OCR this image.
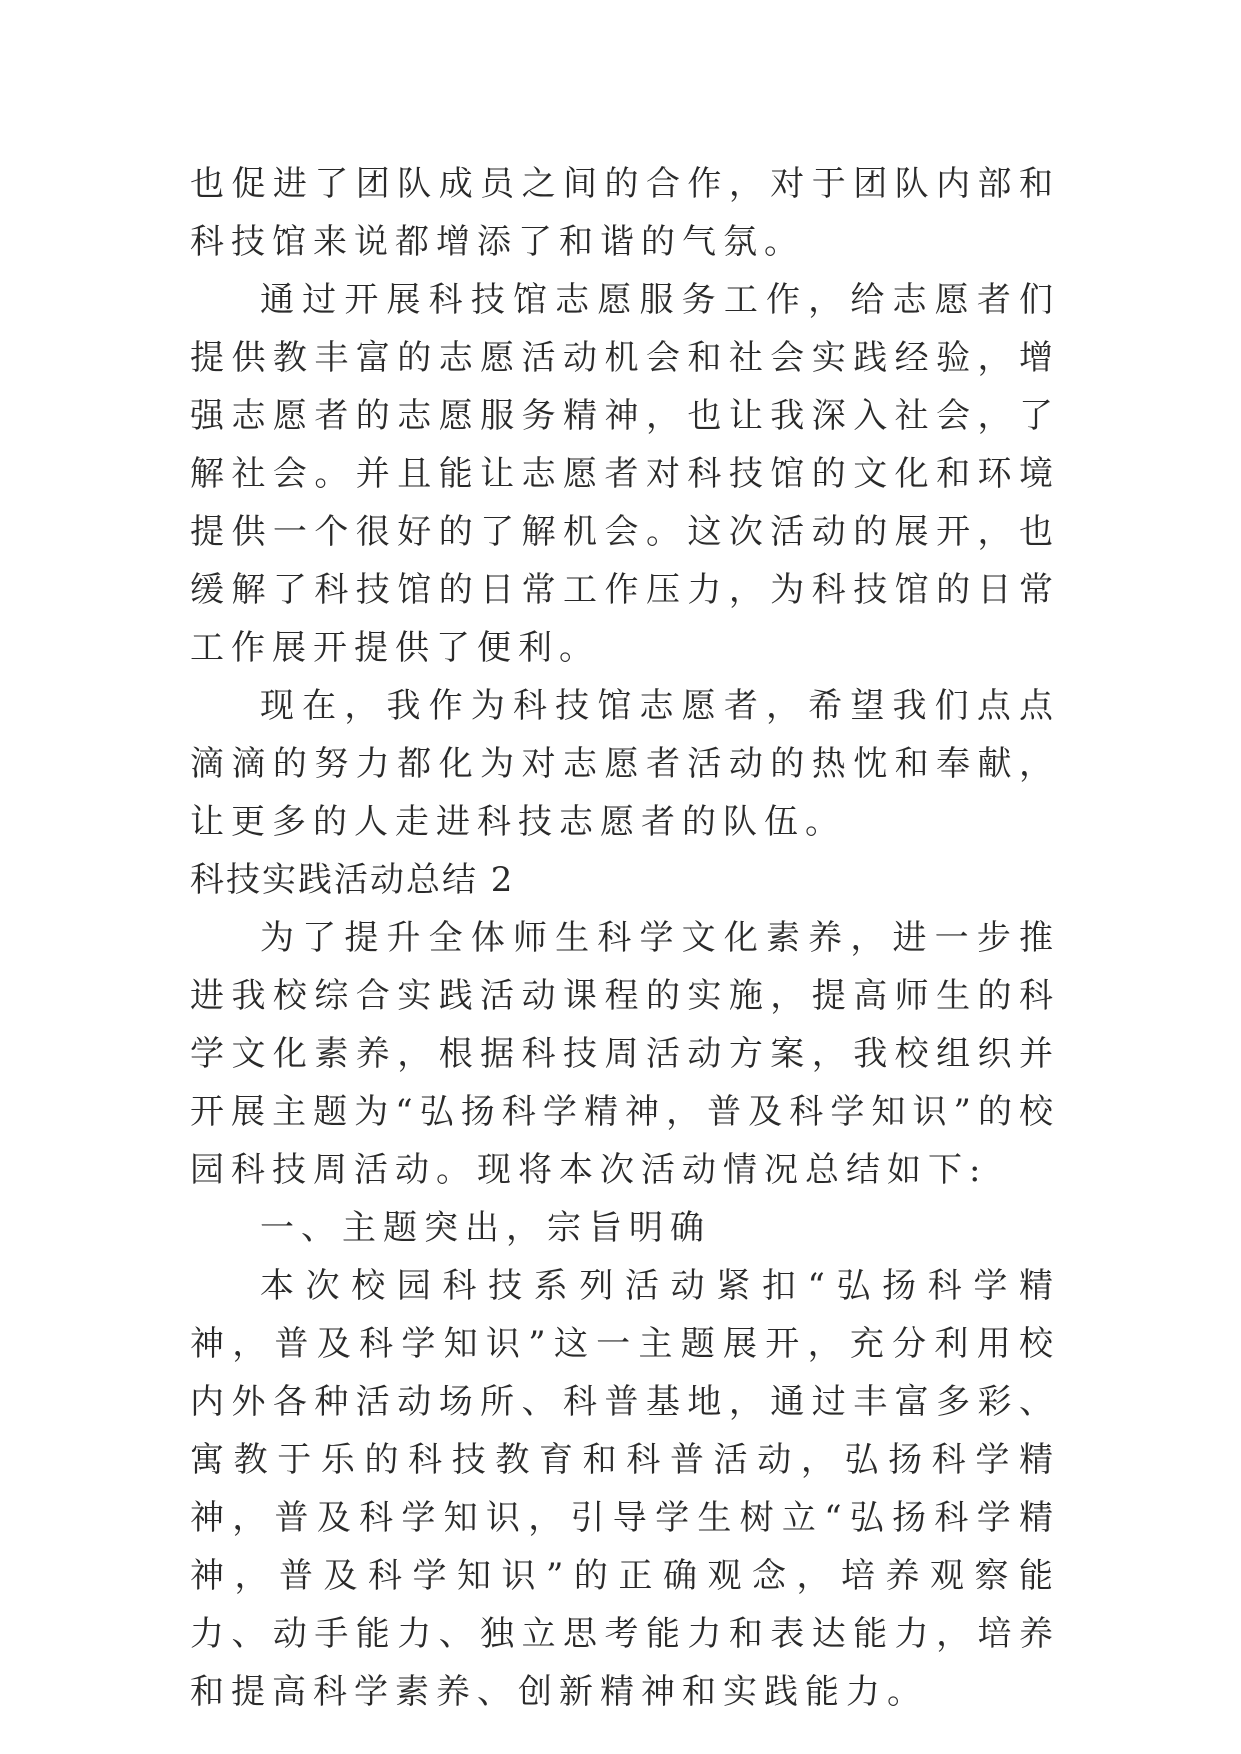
也促进了团队成员之间的合作，对于团队内部和科技馆来说都增添了和谐的气氛。

通过开展科技馆志愿服务工作，给志愿者们提供教丰富的志愿活动机会和社会实践经验，增强志愿者的志愿服务精神，也让我深入社会，了解社会。并且能让志愿者对科技馆的文化和环境提供一个很好的了解机会。这次活动的展开，也缓解了科技馆的日常工作压力，为科技馆的日常工作展开提供了便利。

现在，我作为科技馆志愿者，希望我们点点滴滴的努力都化为对志愿者活动的热忱和奉献，让更多的人走进科技志愿者的队伍。

科技实践活动总结 2

为了提升全体师生科学文化素养，进一步推进我校综合实践活动课程的实施，提高师生的科学文化素养，根据科技周活动方案，我校组织并开展主题为“弘扬科学精神，普及科学知识”的校园科技周活动。现将本次活动情况总结如下:

一、主题突出，宗旨明确

本次校园科技系列活动紧扣“弘扬科学精神，普及科学知识”这一主题展开，充分利用校内外各种活动场所、科普基地，通过丰富多彩、寓教于乐的科技教育和科普活动，弘扬科学精神，普及科学知识，引导学生树立“弘扬科学精神，普及科学知识”的正确观念，培养观察能力、动手能力、独立思考能力和表达能力，培养和提高科学素养、创新精神和实践能力。
